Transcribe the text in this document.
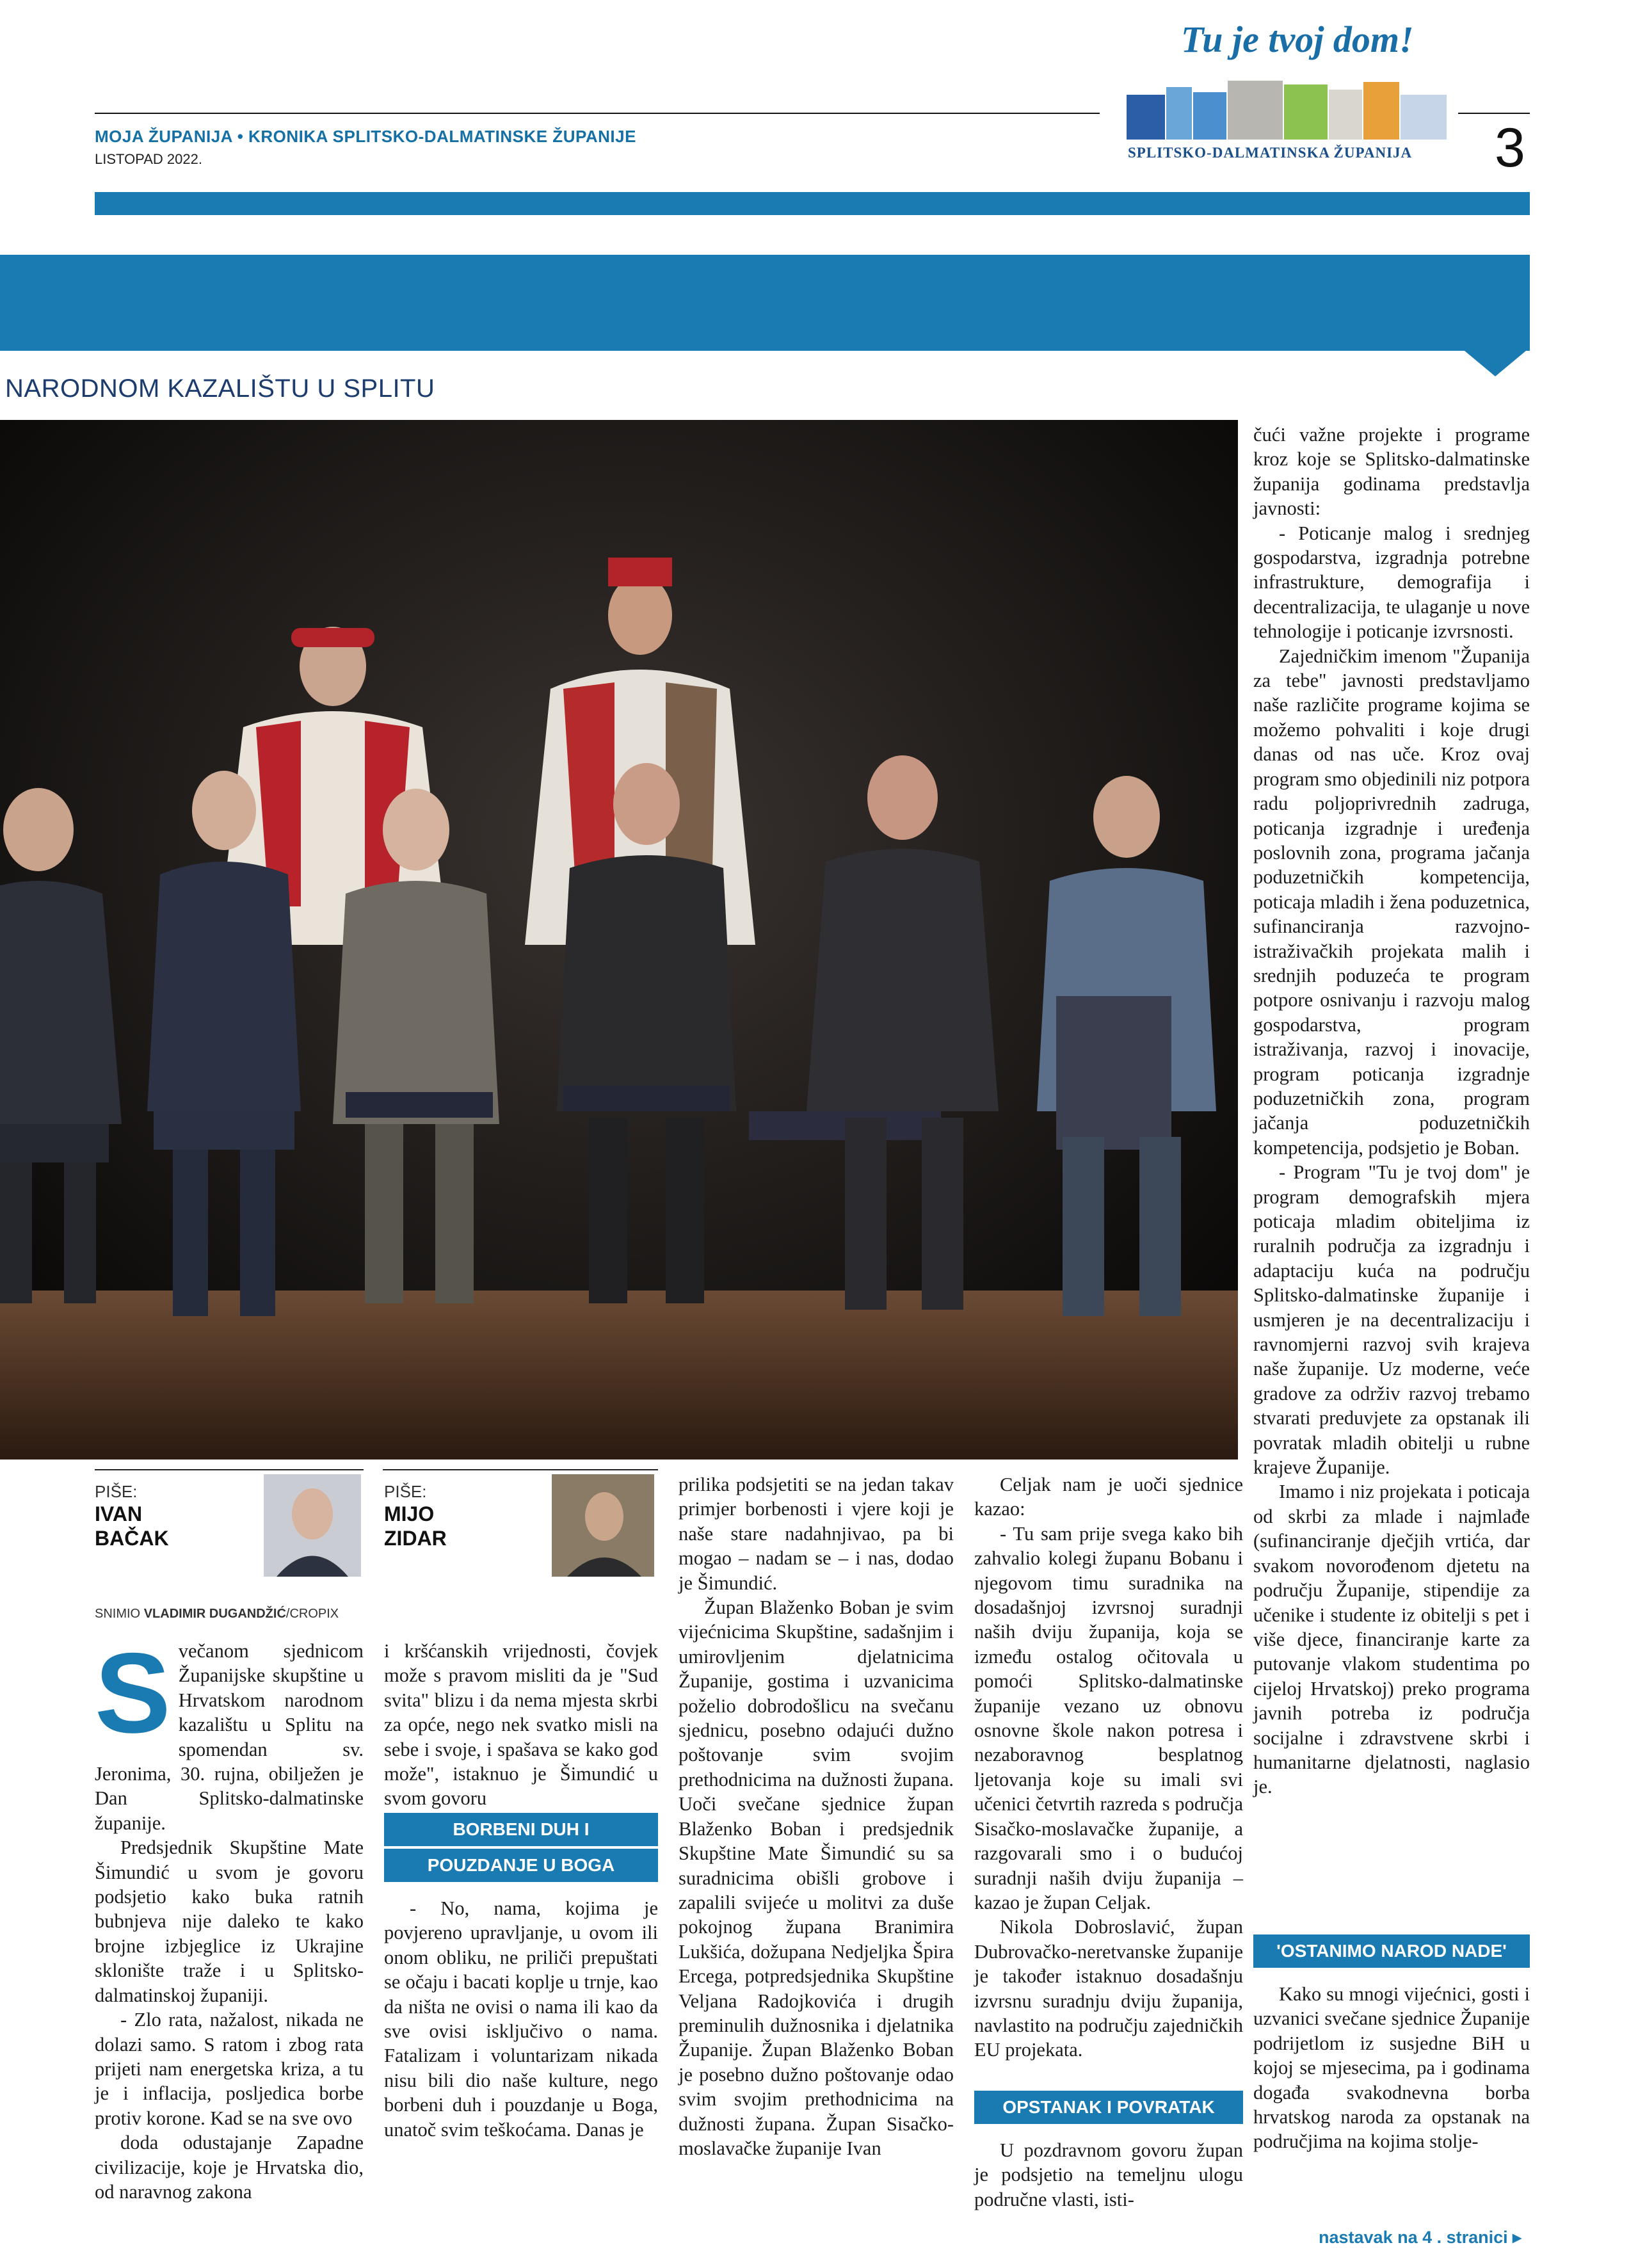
MOJA ŽUPANIJA • KRONIKA SPLITSKO-DALMATINSKE ŽUPANIJE
LISTOPAD 2022.	3
Tu je tvoj dom!
SPLITSKO-DALMATINSKA ŽUPANIJA
NARODNOM KAZALIŠTU U SPLITU
PIŠE:
IVAN
BAČAK
PIŠE:
MIJO
ZIDAR
SNIMIO VLADIMIR DUGANDŽIĆ/CROPIX

Svečanom sjednicom Županijske skupštine u Hrvatskom narodnom kazalištu u Splitu na spomendan sv. Jeronima, 30. rujna, obilježen je Dan Splitsko-dalmatinske županije.

Predsjednik Skupštine Mate Šimundić u svom je govoru podsjetio kako buka ratnih bubnjeva nije daleko te kako brojne izbjeglice iz Ukrajine sklonište traže i u Splitsko-dalmatinskoj županiji.

- Zlo rata, nažalost, nikada ne dolazi samo. S ratom i zbog rata prijeti nam energetska kriza, a tu je i inflacija, posljedica borbe protiv korone. Kad se na sve ovo

doda odustajanje Zapadne civilizacije, koje je Hrvatska dio, od naravnog zakona

i kršćanskih vrijednosti, čovjek može s pravom misliti da je "Sud svita" blizu i da nema mjesta skrbi za opće, nego nek svatko misli na sebe i svoje, i spašava se kako god može", istaknuo je Šimundić u svom govoru

BORBENI DUH I
POUZDANJE U BOGA

- No, nama, kojima je povjereno upravljanje, u ovom ili onom obliku, ne priliči prepuštati se očaju i bacati koplje u trnje, kao da ništa ne ovisi o nama ili kao da sve ovisi isključivo o nama. Fatalizam i voluntarizam nikada nisu bili dio naše kulture, nego borbeni duh i pouzdanje u Boga, unatoč svim teškoćama. Danas je

prilika podsjetiti se na jedan takav primjer borbenosti i vjere koji je naše stare nadahnjivao, pa bi mogao – nadam se – i nas, dodao je Šimundić.

Župan Blaženko Boban je svim vijećnicima Skupštine, sadašnjim i umirovljenim djelatnicima Županije, gostima i uzvanicima poželio dobrodošlicu na svečanu sjednicu, posebno odajući dužno poštovanje svim svojim prethodnicima na dužnosti župana. Uoči svečane sjednice župan Blaženko Boban i predsjednik Skupštine Mate Šimundić su sa suradnicima obišli grobove i zapalili svijeće u molitvi za duše pokojnog župana Branimira Lukšića, dožupana Nedjeljka Špira Ercega, potpredsjednika Skupštine Veljana Radojkovića i drugih preminulih dužnosnika i djelatnika Županije. Župan Blaženko Boban je posebno dužno poštovanje odao svim svojim prethodnicima na dužnosti župana. Župan Sisačko-moslavačke županije Ivan

Celjak nam je uoči sjednice kazao:

- Tu sam prije svega kako bih zahvalio kolegi županu Bobanu i njegovom timu suradnika na dosadašnjoj izvrsnoj suradnji naših dviju županija, koja se između ostalog očitovala u pomoći Splitsko-dalmatinske županije vezano uz obnovu osnovne škole nakon potresa i nezaboravnog besplatnog ljetovanja koje su imali svi učenici četvrtih razreda s područja Sisačko-moslavačke županije, a razgovarali smo i o budućoj suradnji naših dviju županija – kazao je župan Celjak.

Nikola Dobroslavić, župan Dubrovačko-neretvanske županije je također istaknuo dosadašnju izvrsnu suradnju dviju županija, navlastito na području zajedničkih EU projekata.

OPSTANAK I POVRATAK

U pozdravnom govoru župan je podsjetio na temeljnu ulogu područne vlasti, isti-

čući važne projekte i programe kroz koje se Splitsko-dalmatinske županija godinama predstavlja javnosti:

- Poticanje malog i srednjeg gospodarstva, izgradnja potrebne infrastrukture, demografija i decentralizacija, te ulaganje u nove tehnologije i poticanje izvrsnosti.

Zajedničkim imenom "Županija za tebe" javnosti predstavljamo naše različite programe kojima se možemo pohvaliti i koje drugi danas od nas uče. Kroz ovaj program smo objedinili niz potpora radu poljoprivrednih zadruga, poticanja izgradnje i uređenja poslovnih zona, programa jačanja poduzetničkih kompetencija, poticaja mladih i žena poduzetnica, sufinanciranja razvojno-istraživačkih projekata malih i srednjih poduzeća te program potpore osnivanju i razvoju malog gospodarstva, program istraživanja, razvoj i inovacije, program poticanja izgradnje poduzetničkih zona, program jačanja poduzetničkih kompetencija, podsjetio je Boban.

- Program "Tu je tvoj dom" je program demografskih mjera poticaja mladim obiteljima iz ruralnih područja za izgradnju i adaptaciju kuća na području Splitsko-dalmatinske županije i usmjeren je na decentralizaciju i ravnomjerni razvoj svih krajeva naše županije. Uz moderne, veće gradove za održiv razvoj trebamo stvarati preduvjete za opstanak ili povratak mladih obitelji u rubne krajeve Županije.

Imamo i niz projekata i poticaja od skrbi za mlade i najmlađe (sufinanciranje dječjih vrtića, dar svakom novorođenom djetetu na području Županije, stipendije za učenike i studente iz obitelji s pet i više djece, financiranje karte za putovanje vlakom studentima po cijeloj Hrvatskoj) preko programa javnih potreba iz područja socijalne i zdravstvene skrbi i humanitarne djelatnosti, naglasio je.

'OSTANIMO NAROD NADE'

Kako su mnogi vijećnici, gosti i uzvanici svečane sjednice Županije podrijetlom iz susjedne BiH u kojoj se mjesecima, pa i godinama događa svakodnevna borba hrvatskog naroda za opstanak na područjima na kojima stolje-

nastavak na 4 . stranici ▸
